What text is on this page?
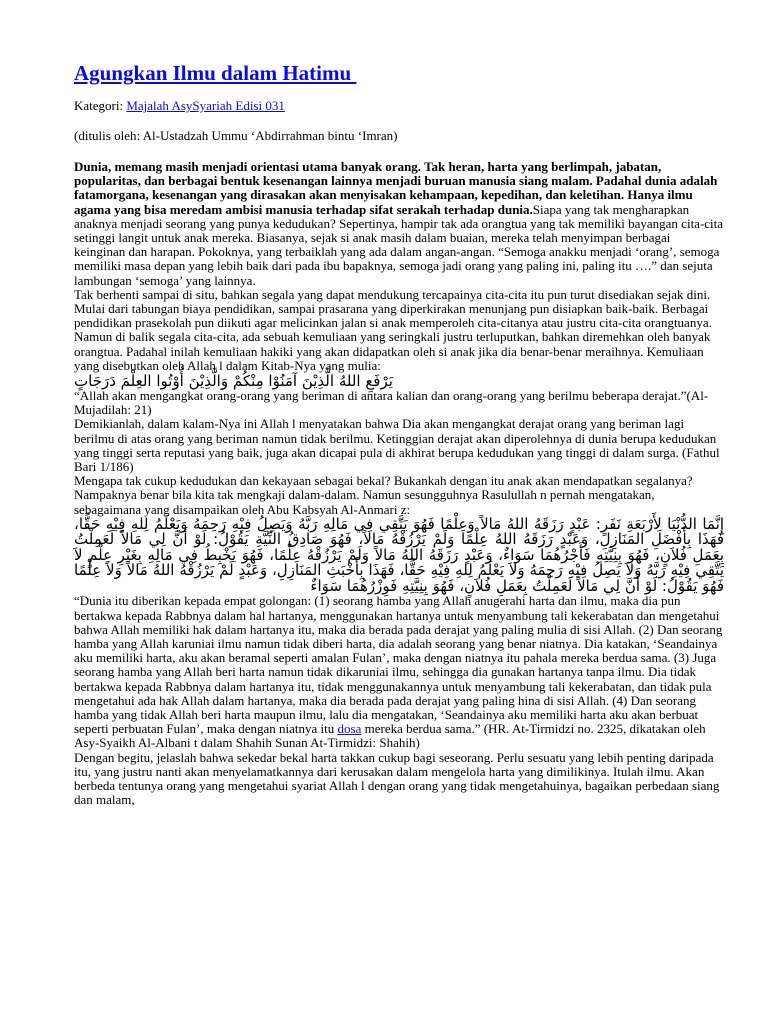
Agungkan Ilmu dalam Hatimu
Kategori: Majalah AsySyariah Edisi 031
(ditulis oleh: Al-Ustadzah Ummu ‘Abdirrahman bintu ‘Imran)

Dunia, memang masih menjadi orientasi utama banyak orang. Tak heran, harta yang berlimpah, jabatan, popularitas, dan berbagai bentuk kesenangan lainnya menjadi buruan manusia siang malam. Padahal dunia adalah fatamorgana, kesenangan yang dirasakan akan menyisakan kehampaan, kepedihan, dan keletihan. Hanya ilmu agama yang bisa meredam ambisi manusia terhadap sifat serakah terhadap dunia.Siapa yang tak mengharapkan anaknya menjadi seorang yang punya kedudukan? Sepertinya, hampir tak ada orangtua yang tak memiliki bayangan cita-cita setinggi langit untuk anak mereka. Biasanya, sejak si anak masih dalam buaian, mereka telah menyimpan berbagai keinginan dan harapan. Pokoknya, yang terbaiklah yang ada dalam angan-angan. “Semoga anakku menjadi ‘orang’, semoga memiliki masa depan yang lebih baik dari pada ibu bapaknya, semoga jadi orang yang paling ini, paling itu ….” dan sejuta lambungan ‘semoga’ yang lainnya.

Tak berhenti sampai di situ, bahkan segala yang dapat mendukung tercapainya cita-cita itu pun turut disediakan sejak dini. Mulai dari tabungan biaya pendidikan, sampai prasarana yang diperkirakan menunjang pun disiapkan baik-baik. Berbagai pendidikan prasekolah pun diikuti agar melicinkan jalan si anak memperoleh cita-citanya atau justru cita-cita orangtuanya.

Namun di balik segala cita-cita, ada sebuah kemuliaan yang seringkali justru terluputkan, bahkan diremehkan oleh banyak orangtua. Padahal inilah kemuliaan hakiki yang akan didapatkan oleh si anak jika dia benar-benar meraihnya. Kemuliaan yang disebutkan oleh Allah l dalam Kitab-Nya yang mulia:

يَرْفَعِ اللهُ الَّذِيْنَ آمَنُوْا مِنْكُمْ وَالَّذِيْنَ أُوْتُوا العِلْمَ دَرَجَاتٍ

“Allah akan mengangkat orang-orang yang beriman di antara kalian dan orang-orang yang berilmu beberapa derajat.”(Al-Mujadilah: 21)

Demikianlah, dalam kalam-Nya ini Allah l menyatakan bahwa Dia akan mengangkat derajat orang yang beriman lagi berilmu di atas orang yang beriman namun tidak berilmu. Ketinggian derajat akan diperolehnya di dunia berupa kedudukan yang tinggi serta reputasi yang baik, juga akan dicapai pula di akhirat berupa kedudukan yang tinggi di dalam surga. (Fathul Bari 1/186)

Mengapa tak cukup kedudukan dan kekayaan sebagai bekal? Bukankah dengan itu anak akan mendapatkan segalanya? Nampaknya benar bila kita tak mengkaji dalam-dalam. Namun sesungguhnya Rasulullah n pernah mengatakan, sebagaimana yang disampaikan oleh Abu Kabsyah Al-Anmari z:

إِنَّمَا الدُّنْيَا لِأَرْبَعَةِ نَفَرٍ: عَبْدٍ رَزَقَهُ اللهُ مَالاً وَعِلْمًا فَهُوَ يَتَّقِي فِي مَالِهِ رَبَّهُ وَيَصِلُ فِيْهِ رَحِمَهُ وَيَعْلَمُ لِلهِ فِيْهِ حَقًّا، فَهَذَا بِأَفْضَلِ المَنَازِلِ، وَعَبْدٍ رَزَقَهُ اللهُ عِلْمًا وَلَمْ يَرْزُقْهُ مَالاً، فَهُوَ صَادِقُ النِّيَّةِ يَقُوْلُ: لَوْ أَنَّ لِي مَالاً لَعَمِلْتُ بِعَمَلِ فُلاَنٍ، فَهُوَ بِنِيَّتِهِ فَأَجْرُهُمَا سَوَاءٌ، وَعَبْدٍ رَزَقَهُ اللهُ مَالاً وَلَمْ يَرْزُقْهُ عِلْمًا، فَهُوَ يَخْبِطُ فِي مَالِهِ بِغَيْرِ عِلْمٍ لاَ يَتَّقِي فِيْهِ رَبَّهُ وَلاَ يَصِلُ فِيْهِ رَحِمَهُ وَلاَ يَعْلَمُ لِلهِ فِيْهِ حَقًّا، فَهَذَا بِأَخْبَثِ المَنَازِلِ، وَعَبْدٍ لَمْ يَرْزُقْهُ اللهُ مَالاً وَلاَ عِلْمًا فَهُوَ يَقُوْلُ: لَوْ أَنَّ لِي مَالاً لَعَمِلْتُ بِعَمَلِ فُلاَنٍ، فَهُوَ بِنِيَّتِهِ فَوِزْرُهُمَا سَوَاءٌ

“Dunia itu diberikan kepada empat golongan: (1) seorang hamba yang Allah anugerahi harta dan ilmu, maka dia pun bertakwa kepada Rabbnya dalam hal hartanya, menggunakan hartanya untuk menyambung tali kekerabatan dan mengetahui bahwa Allah memiliki hak dalam hartanya itu, maka dia berada pada derajat yang paling mulia di sisi Allah. (2) Dan seorang hamba yang Allah karuniai ilmu namun tidak diberi harta, dia adalah seorang yang benar niatnya. Dia katakan, ‘Seandainya aku memiliki harta, aku akan beramal seperti amalan Fulan’, maka dengan niatnya itu pahala mereka berdua sama. (3) Juga seorang hamba yang Allah beri harta namun tidak dikaruniai ilmu, sehingga dia gunakan hartanya tanpa ilmu. Dia tidak bertakwa kepada Rabbnya dalam hartanya itu, tidak menggunakannya untuk menyambung tali kekerabatan, dan tidak pula mengetahui ada hak Allah dalam hartanya, maka dia berada pada derajat yang paling hina di sisi Allah. (4) Dan seorang hamba yang tidak Allah beri harta maupun ilmu, lalu dia mengatakan, ‘Seandainya aku memiliki harta aku akan berbuat seperti perbuatan Fulan’, maka dengan niatnya itu dosa mereka berdua sama.” (HR. At-Tirmidzi no. 2325, dikatakan oleh Asy-Syaikh Al-Albani t dalam Shahih Sunan At-Tirmidzi: Shahih)

Dengan begitu, jelaslah bahwa sekedar bekal harta takkan cukup bagi seseorang. Perlu sesuatu yang lebih penting daripada itu, yang justru nanti akan menyelamatkannya dari kerusakan dalam mengelola harta yang dimilikinya. Itulah ilmu. Akan berbeda tentunya orang yang mengetahui syariat Allah l dengan orang yang tidak mengetahuinya, bagaikan perbedaan siang dan malam,
